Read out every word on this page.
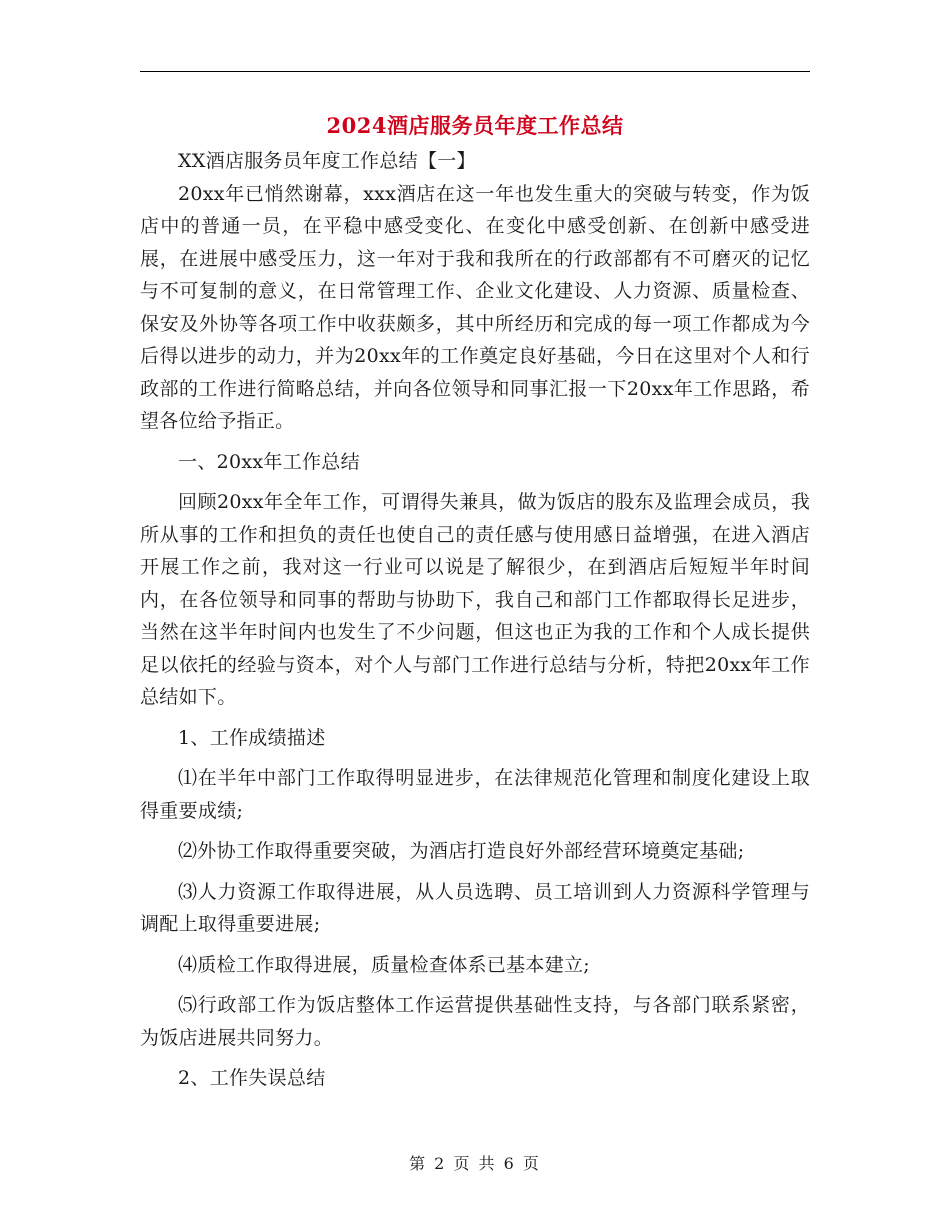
2024酒店服务员年度工作总结

XX酒店服务员年度工作总结【一】

20xx年已悄然谢幕，xxx酒店在这一年也发生重大的突破与转变，作为饭店中的普通一员，在平稳中感受变化、在变化中感受创新、在创新中感受进展，在进展中感受压力，这一年对于我和我所在的行政部都有不可磨灭的记忆与不可复制的意义，在日常管理工作、企业文化建设、人力资源、质量检查、保安及外协等各项工作中收获颇多，其中所经历和完成的每一项工作都成为今后得以进步的动力，并为20xx年的工作奠定良好基础，今日在这里对个人和行政部的工作进行简略总结，并向各位领导和同事汇报一下20xx年工作思路，希望各位给予指正。

一、20xx年工作总结

回顾20xx年全年工作，可谓得失兼具，做为饭店的股东及监理会成员，我所从事的工作和担负的责任也使自己的责任感与使用感日益增强，在进入酒店开展工作之前，我对这一行业可以说是了解很少，在到酒店后短短半年时间内，在各位领导和同事的帮助与协助下，我自己和部门工作都取得长足进步，当然在这半年时间内也发生了不少问题，但这也正为我的工作和个人成长提供足以依托的经验与资本，对个人与部门工作进行总结与分析，特把20xx年工作总结如下。

1、工作成绩描述

⑴在半年中部门工作取得明显进步，在法律规范化管理和制度化建设上取得重要成绩;

⑵外协工作取得重要突破，为酒店打造良好外部经营环境奠定基础;

⑶人力资源工作取得进展，从人员选聘、员工培训到人力资源科学管理与调配上取得重要进展;

⑷质检工作取得进展，质量检查体系已基本建立;

⑸行政部工作为饭店整体工作运营提供基础性支持，与各部门联系紧密，为饭店进展共同努力。

2、工作失误总结

第 2 页 共 6 页
